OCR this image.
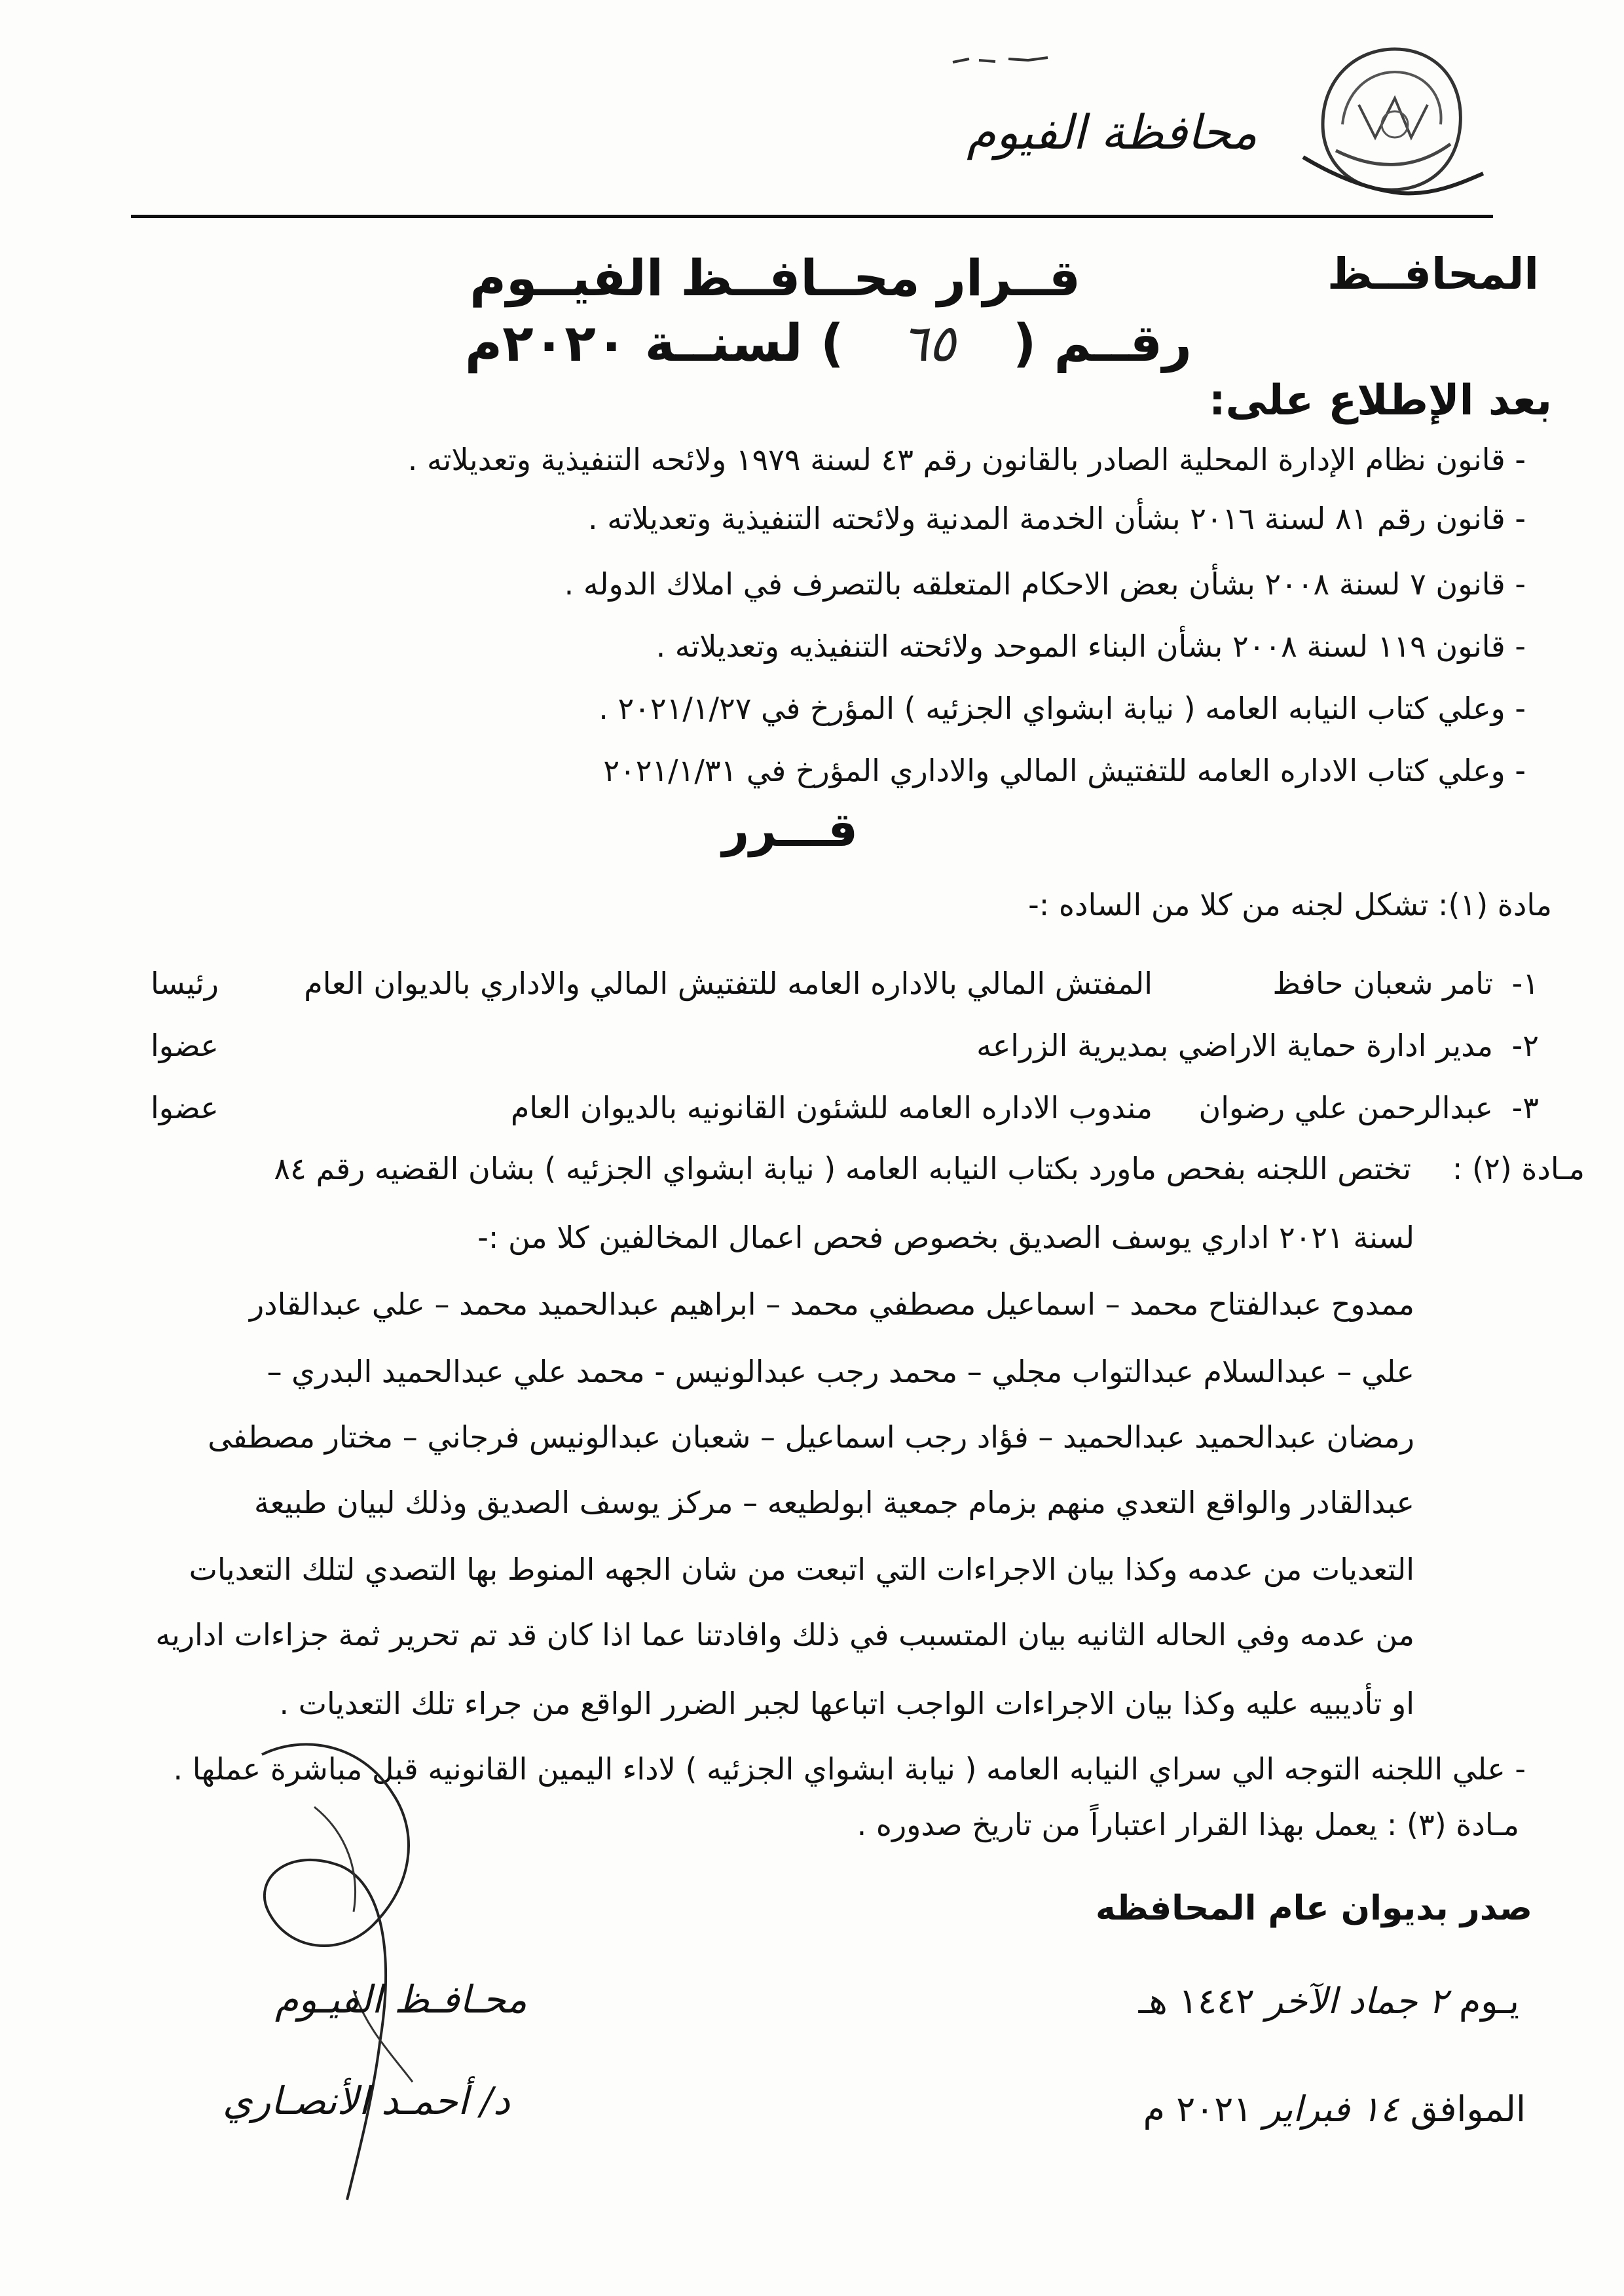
محافظة الفيوم
المحافــظ
قــرار محــافــظ الفيــوم
رقــم ( ٦٥ ) لسنــة ٢٠٢٠م
بعد الإطلاع على:
- قانون نظام الإدارة المحلية الصادر بالقانون رقم ٤٣ لسنة ١٩٧٩ ولائحه التنفيذية وتعديلاته .
- قانون رقم ٨١ لسنة ٢٠١٦ بشأن الخدمة المدنية ولائحته التنفيذية وتعديلاته .
- قانون ٧ لسنة ٢٠٠٨ بشأن بعض الاحكام المتعلقه بالتصرف في املاك الدوله .
- قانون ١١٩ لسنة ٢٠٠٨ بشأن البناء الموحد ولائحته التنفيذيه وتعديلاته .
- وعلي كتاب النيابه العامه ( نيابة ابشواي الجزئيه ) المؤرخ في ٢٠٢١/١/٢٧ .
- وعلي كتاب الاداره العامه للتفتيش المالي والاداري المؤرخ في ٢٠٢١/١/٣١
قـــرر
مادة (١): تشكل لجنه من كلا من الساده :-
١-
تامر شعبان حافظ
المفتش المالي بالاداره العامه للتفتيش المالي والاداري بالديوان العام
رئيسا
٢-
مدير ادارة حماية الاراضي بمديرية الزراعه
عضوا
٣-
عبدالرحمن علي رضوان
مندوب الاداره العامه للشئون القانونيه بالديوان العام
عضوا
مـادة (٢) :
تختص اللجنه بفحص ماورد بكتاب النيابه العامه ( نيابة ابشواي الجزئيه ) بشان القضيه رقم ٨٤
لسنة ٢٠٢١ اداري يوسف الصديق بخصوص فحص اعمال المخالفين كلا من :-
ممدوح عبدالفتاح محمد – اسماعيل مصطفي محمد – ابراهيم عبدالحميد محمد – علي عبدالقادر
علي – عبدالسلام عبدالتواب مجلي – محمد رجب عبدالونيس - محمد علي عبدالحميد البدري –
رمضان عبدالحميد عبدالحميد – فؤاد رجب اسماعيل – شعبان عبدالونيس فرجاني – مختار مصطفى
عبدالقادر والواقع التعدي منهم بزمام جمعية ابولطيعه – مركز يوسف الصديق وذلك لبيان طبيعة
التعديات من عدمه وكذا بيان الاجراءات التي اتبعت من شان الجهه المنوط بها التصدي لتلك التعديات
من عدمه وفي الحاله الثانيه بيان المتسبب في ذلك وافادتنا عما اذا كان قد تم تحرير ثمة جزاءات اداريه
او تأديبيه عليه وكذا بيان الاجراءات الواجب اتباعها لجبر الضرر الواقع من جراء تلك التعديات .
- علي اللجنه التوجه الي سراي النيابه العامه ( نيابة ابشواي الجزئيه ) لاداء اليمين القانونيه قبل مباشرة عملها .
مـادة (٣) : يعمل بهذا القرار اعتباراً من تاريخ صدوره .
صدر بديوان عام المحافظه
يـوم ٢ جماد الآخر ١٤٤٢ هـ
الموافق ١٤ فبراير ٢٠٢١ م
محـافـظ الفيـوم
د/ أحمـد الأنصـاري
